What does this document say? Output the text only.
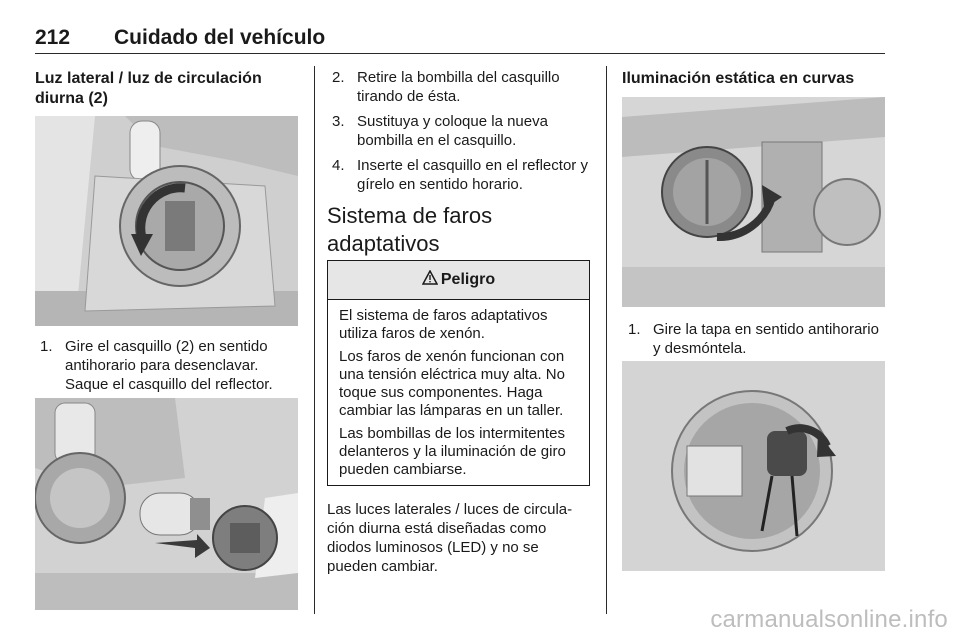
212 Cuidado del vehículo
Luz lateral / luz de circulación diurna (2)
1. Gire el casquillo (2) en sentido antihorario para desenclavar. Saque el casquillo del reflector.
2. Retire la bombilla del casquillo tirando de ésta.
3. Sustituya y coloque la nueva bombilla en el casquillo.
4. Inserte el casquillo en el reflector y gírelo en sentido horario.
Sistema de faros adaptativos
Peligro

El sistema de faros adaptativos utiliza faros de xenón.

Los faros de xenón funcionan con una tensión eléctrica muy alta. No toque sus componentes. Haga cambiar las lámparas en un taller.

Las bombillas de los intermitentes delanteros y la iluminación de giro pueden cambiarse.

Las luces laterales / luces de circula-ción diurna está diseñadas como diodos luminosos (LED) y no se pueden cambiar.

Iluminación estática en curvas
1. Gire la tapa en sentido antihorario y desmóntela.
carmanualsonline.info
